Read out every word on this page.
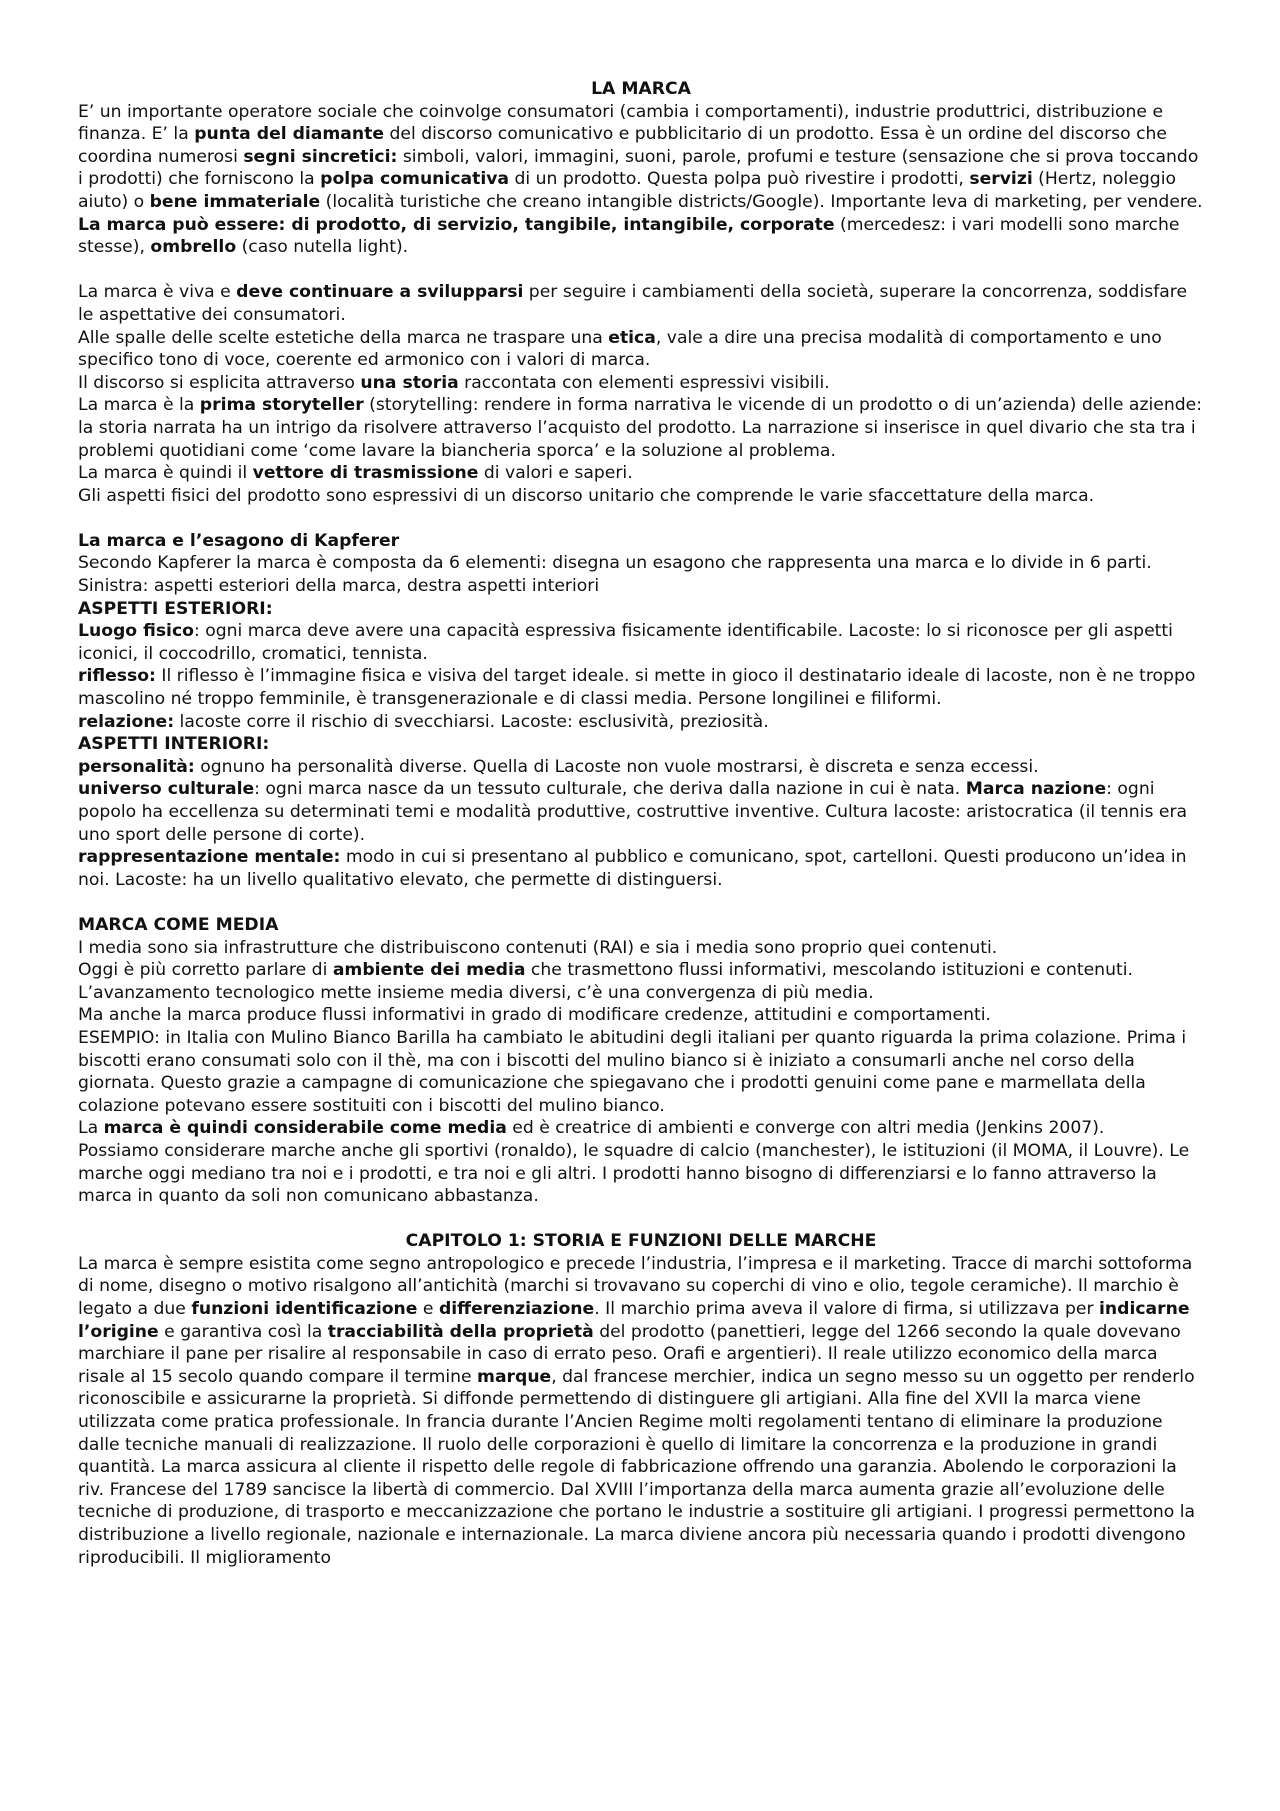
LA MARCA

E’ un importante operatore sociale che coinvolge consumatori (cambia i comportamenti), industrie produttrici, distribuzione e finanza. E’ la punta del diamante del discorso comunicativo e pubblicitario di un prodotto. Essa è un ordine del discorso che coordina numerosi segni sincretici: simboli, valori, immagini, suoni, parole, profumi e testure (sensazione che si prova toccando i prodotti) che forniscono la polpa comunicativa di un prodotto. Questa polpa può rivestire i prodotti, servizi (Hertz, noleggio aiuto) o bene immateriale (località turistiche che creano intangible districts/Google). Importante leva di marketing, per vendere. La marca può essere: di prodotto, di servizio, tangibile, intangibile, corporate (mercedesz: i vari modelli sono marche stesse), ombrello (caso nutella light).

La marca è viva e deve continuare a svilupparsi per seguire i cambiamenti della società, superare la concorrenza, soddisfare le aspettative dei consumatori.

Alle spalle delle scelte estetiche della marca ne traspare una etica, vale a dire una precisa modalità di comportamento e uno specifico tono di voce, coerente ed armonico con i valori di marca.

Il discorso si esplicita attraverso una storia raccontata con elementi espressivi visibili.

La marca è la prima storyteller (storytelling: rendere in forma narrativa le vicende di un prodotto o di un’azienda) delle aziende: la storia narrata ha un intrigo da risolvere attraverso l’acquisto del prodotto. La narrazione si inserisce in quel divario che sta tra i problemi quotidiani come ‘come lavare la biancheria sporca’ e la soluzione al problema.

La marca è quindi il vettore di trasmissione di valori e saperi.

Gli aspetti fisici del prodotto sono espressivi di un discorso unitario che comprende le varie sfaccettature della marca.

La marca e l’esagono di Kapferer

Secondo Kapferer la marca è composta da 6 elementi: disegna un esagono che rappresenta una marca e lo divide in 6 parti. Sinistra: aspetti esteriori della marca, destra aspetti interiori

ASPETTI ESTERIORI:

Luogo fisico: ogni marca deve avere una capacità espressiva fisicamente identificabile. Lacoste: lo si riconosce per gli aspetti iconici, il coccodrillo, cromatici, tennista.

riflesso: Il riflesso è l’immagine fisica e visiva del target ideale. si mette in gioco il destinatario ideale di lacoste, non è ne troppo mascolino né troppo femminile, è transgenerazionale e di classi media. Persone longilinei e filiformi.

relazione: lacoste corre il rischio di svecchiarsi. Lacoste: esclusività, preziosità.

ASPETTI INTERIORI:

personalità: ognuno ha personalità diverse. Quella di Lacoste non vuole mostrarsi, è discreta e senza eccessi.

universo culturale: ogni marca nasce da un tessuto culturale, che deriva dalla nazione in cui è nata. Marca nazione: ogni popolo ha eccellenza su determinati temi e modalità produttive, costruttive inventive. Cultura lacoste: aristocratica (il tennis era uno sport delle persone di corte).

rappresentazione mentale: modo in cui si presentano al pubblico e comunicano, spot, cartelloni. Questi producono un’idea in noi. Lacoste: ha un livello qualitativo elevato, che permette di distinguersi.

MARCA COME MEDIA

I media sono sia infrastrutture che distribuiscono contenuti (RAI) e sia i media sono proprio quei contenuti.

Oggi è più corretto parlare di ambiente dei media che trasmettono flussi informativi, mescolando istituzioni e contenuti. L’avanzamento tecnologico mette insieme media diversi, c’è una convergenza di più media.

Ma anche la marca produce flussi informativi in grado di modificare credenze, attitudini e comportamenti.

ESEMPIO: in Italia con Mulino Bianco Barilla ha cambiato le abitudini degli italiani per quanto riguarda la prima colazione. Prima i biscotti erano consumati solo con il thè, ma con i biscotti del mulino bianco si è iniziato a consumarli anche nel corso della giornata. Questo grazie a campagne di comunicazione che spiegavano che i prodotti genuini come pane e marmellata della colazione potevano essere sostituiti con i biscotti del mulino bianco.

La marca è quindi considerabile come media ed è creatrice di ambienti e converge con altri media (Jenkins 2007).

Possiamo considerare marche anche gli sportivi (ronaldo), le squadre di calcio (manchester), le istituzioni (il MOMA, il Louvre). Le marche oggi mediano tra noi e i prodotti, e tra noi e gli altri. I prodotti hanno bisogno di differenziarsi e lo fanno attraverso la marca in quanto da soli non comunicano abbastanza.

CAPITOLO 1: STORIA E FUNZIONI DELLE MARCHE

La marca è sempre esistita come segno antropologico e precede l’industria, l’impresa e il marketing. Tracce di marchi sottoforma di nome, disegno o motivo risalgono all’antichità (marchi si trovavano su coperchi di vino e olio, tegole ceramiche). Il marchio è legato a due funzioni identificazione e differenziazione. Il marchio prima aveva il valore di firma, si utilizzava per indicarne l’origine e garantiva così la tracciabilità della proprietà del prodotto (panettieri, legge del 1266 secondo la quale dovevano marchiare il pane per risalire al responsabile in caso di errato peso. Orafi e argentieri). Il reale utilizzo economico della marca risale al 15 secolo quando compare il termine marque, dal francese merchier, indica un segno messo su un oggetto per renderlo riconoscibile e assicurarne la proprietà. Si diffonde permettendo di distinguere gli artigiani. Alla fine del XVII la marca viene utilizzata come pratica professionale. In francia durante l’Ancien Regime molti regolamenti tentano di eliminare la produzione dalle tecniche manuali di realizzazione. Il ruolo delle corporazioni è quello di limitare la concorrenza e la produzione in grandi quantità. La marca assicura al cliente il rispetto delle regole di fabbricazione offrendo una garanzia. Abolendo le corporazioni la riv. Francese del 1789 sancisce la libertà di commercio. Dal XVIII l’importanza della marca aumenta grazie all’evoluzione delle tecniche di produzione, di trasporto e meccanizzazione che portano le industrie a sostituire gli artigiani. I progressi permettono la distribuzione a livello regionale, nazionale e internazionale. La marca diviene ancora più necessaria quando i prodotti divengono riproducibili. Il miglioramento
